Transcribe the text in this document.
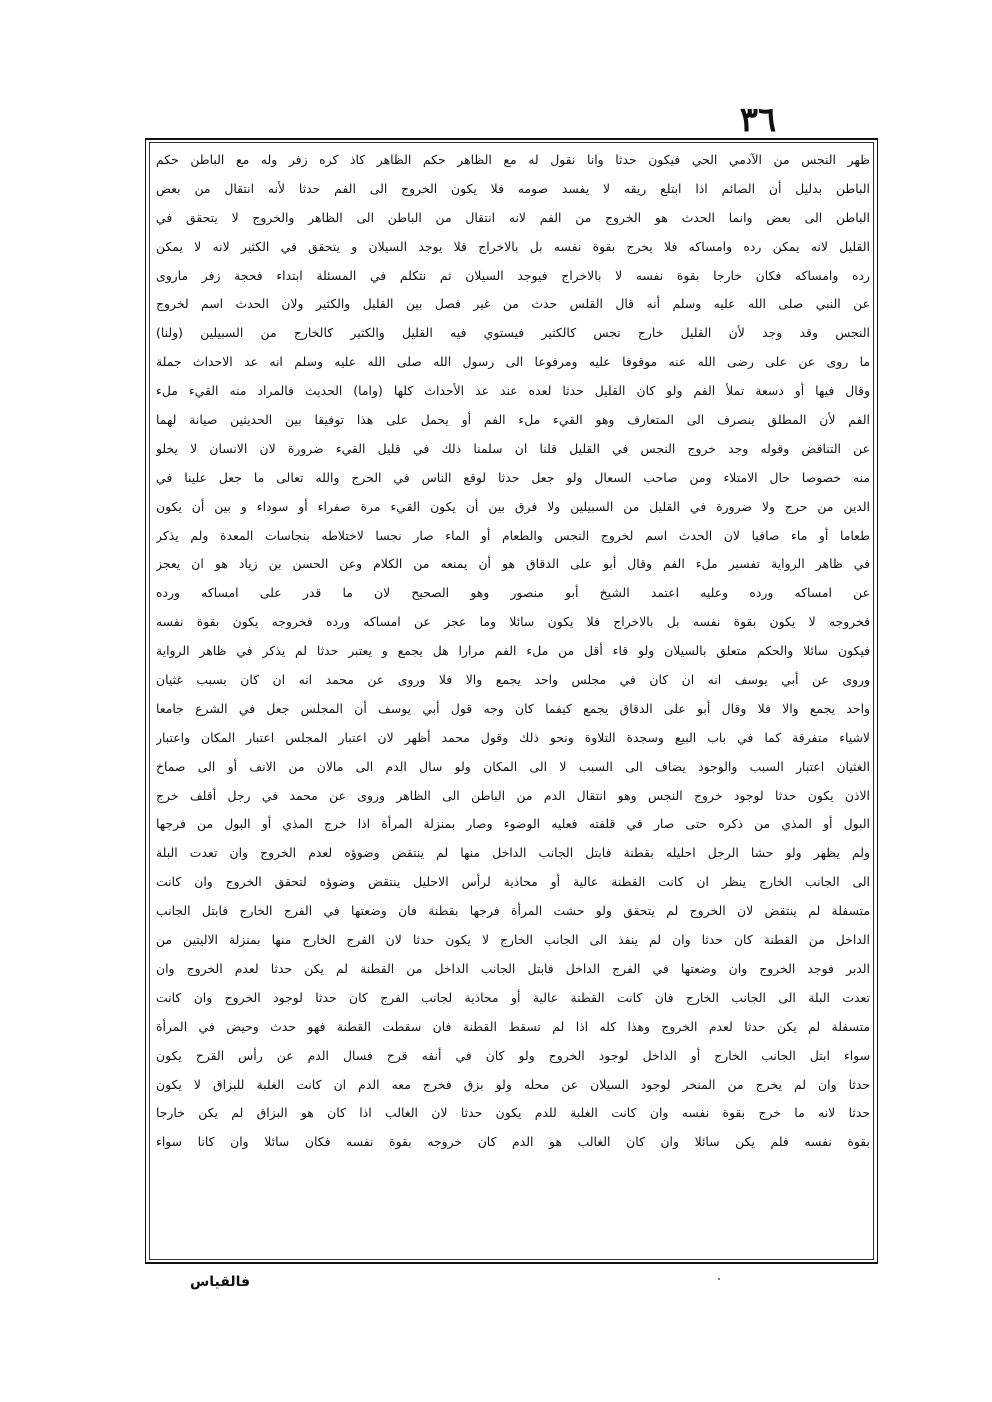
٣٦
ظهر النجس من الآدمي الحي فيكون حدثا وانا نقول له مع الظاهر حكم الظاهر كاذ كره زفر وله مع الباطن حكم
الباطن بدليل أن الصائم اذا ابتلع ريقه لا يفسد صومه فلا يكون الخروج الى الفم حدثا لأنه انتقال من بعض
الباطن الى بعض وانما الحدث هو الخروج من الفم لانه انتقال من الباطن الى الظاهر والخروج لا يتحقق في
القليل لانه يمكن رده وامساكه فلا يخرج بقوة نفسه بل بالاخراج فلا يوجد السيلان و يتحقق في الكثير لانه لا يمكن
رده وامساكه فكان خارجا بقوة نفسه لا بالاخراج فيوجد السيلان ثم نتكلم في المسئلة ابتداء فحجة زفر ماروى
عن النبي صلى الله عليه وسلم أنه قال القلس حدث من غير فصل بين القليل والكثير ولان الحدث اسم لخروج
النجس وقد وجد لأن القليل خارج نجس كالكثير فيستوي فيه القليل والكثير كالخارج من السبيلين (ولنا)
ما روى عن على رضى الله عنه موقوفا عليه ومرفوعا الى رسول الله صلى الله عليه وسلم انه عد الاحداث جملة
وقال فيها أو دسعة تملأ الفم ولو كان القليل حدثا لعده عند عد الأحداث كلها (واما) الحديث فالمراد منه القيء ملء
الفم لأن المطلق ينصرف الى المتعارف وهو القيء ملء الفم أو يحمل على هذا توفيقا بين الحديثين صيانة لهما
عن التناقض وقوله وجد خروج النجس في القليل قلنا ان سلمنا ذلك في قليل القيء ضرورة لان الانسان لا يخلو
منه خصوصا حال الامتلاء ومن صاحب السعال ولو جعل حدثا لوقع الناس في الحرج والله تعالى ما جعل علينا في
الدين من حرج ولا ضرورة في القليل من السبيلين ولا فرق بين أن يكون القيء مرة صفراء أو سوداء و بين أن يكون
طعاما أو ماء صافيا لان الحدث اسم لخروج النجس والطعام أو الماء صار نجسا لاختلاطه بنجاسات المعدة ولم يذكر
في ظاهر الرواية تفسير ملء الفم وقال أبو على الدقاق هو أن يمنعه من الكلام وعن الحسن بن زياد هو ان يعجز
عن امساكه ورده وعليه اعتمد الشيخ أبو منصور وهو الصحيح لان ما قدر على امساكه ورده
فخروجه لا يكون بقوة نفسه بل بالاخراج فلا يكون سائلا وما عجز عن امساكه ورده فخروجه يكون بقوة نفسه
فيكون سائلا والحكم متعلق بالسيلان ولو قاء أقل من ملء الفم مرارا هل يجمع و يعتبر حدثا لم يذكر في ظاهر الرواية
وروى عن أبي يوسف انه ان كان في مجلس واحد يجمع والا فلا وروى عن محمد انه ان كان بسبب غثيان
واحد يجمع والا فلا وقال أبو على الدقاق يجمع كيفما كان وجه قول أبي يوسف أن المجلس جعل في الشرع جامعا
لاشياء متفرقة كما في باب البيع وسجدة التلاوة ونحو ذلك وقول محمد أظهر لان اعتبار المجلس اعتبار المكان واعتبار
الغثيان اعتبار السبب والوجود يضاف الى السبب لا الى المكان ولو سال الدم الى مالان من الانف أو الى صماخ
الاذن يكون حدثا لوجود خروج النجس وهو انتقال الدم من الباطن الى الظاهر وروى عن محمد في رجل أقلف خرج
البول أو المذي من ذكره حتى صار في قلفته فعليه الوضوء وصار بمنزلة المرأة اذا خرج المذي أو البول من فرجها
ولم يظهر ولو حشا الرجل احليله بقطنة فابتل الجانب الداخل منها لم ينتقض وضوؤه لعدم الخروج وان تعدت البلة
الى الجانب الخارج ينظر ان كانت القطنة عالية أو محاذية لرأس الاحليل ينتقض وضوؤه لتحقق الخروج وان كانت
متسفلة لم ينتقض لان الخروج لم يتحقق ولو حشت المرأة فرجها بقطنة فان وضعتها في الفرج الخارج فابتل الجانب
الداخل من القطنة كان حدثا وان لم ينفذ الى الجانب الخارج لا يكون حدثا لان الفرج الخارج منها بمنزلة الاليتين من
الدبر فوجد الخروج وان وضعتها في الفرج الداخل فابتل الجانب الداخل من القطنة لم يكن حدثا لعدم الخروج وان
تعدت البلة الى الجانب الخارج فان كانت القطنة عالية أو محاذية لجانب الفرج كان حدثا لوجود الخروج وان كانت
متسفلة لم يكن حدثا لعدم الخروج وهذا كله اذا لم تسقط القطنة فان سقطت القطنة فهو حدث وحيض في المرأة
سواء ابتل الجانب الخارج أو الداخل لوجود الخروج ولو كان في أنفه قرح فسال الدم عن رأس القرح يكون
حدثا وان لم يخرج من المنخر لوجود السيلان عن محله ولو بزق فخرج معه الدم ان كانت الغلبة للبزاق لا يكون
حدثا لانه ما خرج بقوة نفسه وان كانت الغلبة للدم يكون حدثا لان الغالب اذا كان هو البزاق لم يكن خارجا
بقوة نفسه فلم يكن سائلا وان كان الغالب هو الدم كان خروجه بقوة نفسه فكان سائلا وان كانا سواء
فالقياس
